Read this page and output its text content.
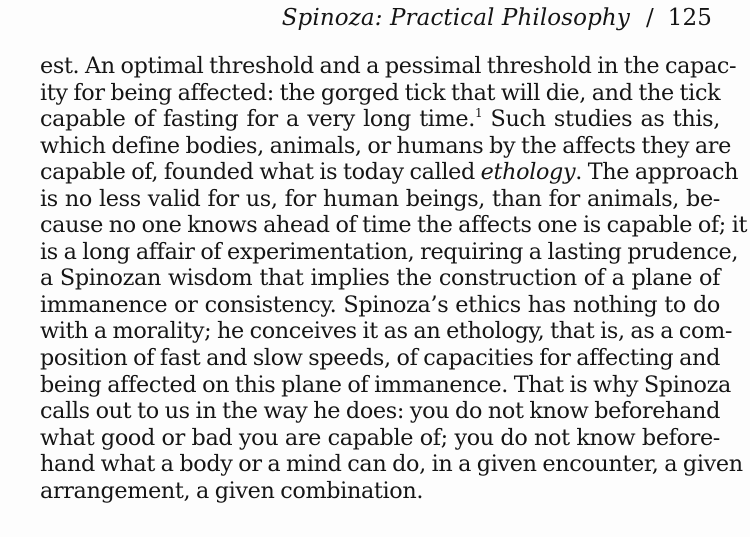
Spinoza: Practical Philosophy / 125
est. An optimal threshold and a pessimal threshold in the capac-
ity for being affected: the gorged tick that will die, and the tick
capable of fasting for a very long time.$^1$ Such studies as this,
which define bodies, animals, or humans by the affects they are
capable of, founded what is today called ethology. The approach
is no less valid for us, for human beings, than for animals, be-
cause no one knows ahead of time the affects one is capable of; it
is a long affair of experimentation, requiring a lasting prudence,
a Spinozan wisdom that implies the construction of a plane of
immanence or consistency. Spinoza’s ethics has nothing to do
with a morality; he conceives it as an ethology, that is, as a com-
position of fast and slow speeds, of capacities for affecting and
being affected on this plane of immanence. That is why Spinoza
calls out to us in the way he does: you do not know beforehand
what good or bad you are capable of; you do not know before-
hand what a body or a mind can do, in a given encounter, a given
arrangement, a given combination.
